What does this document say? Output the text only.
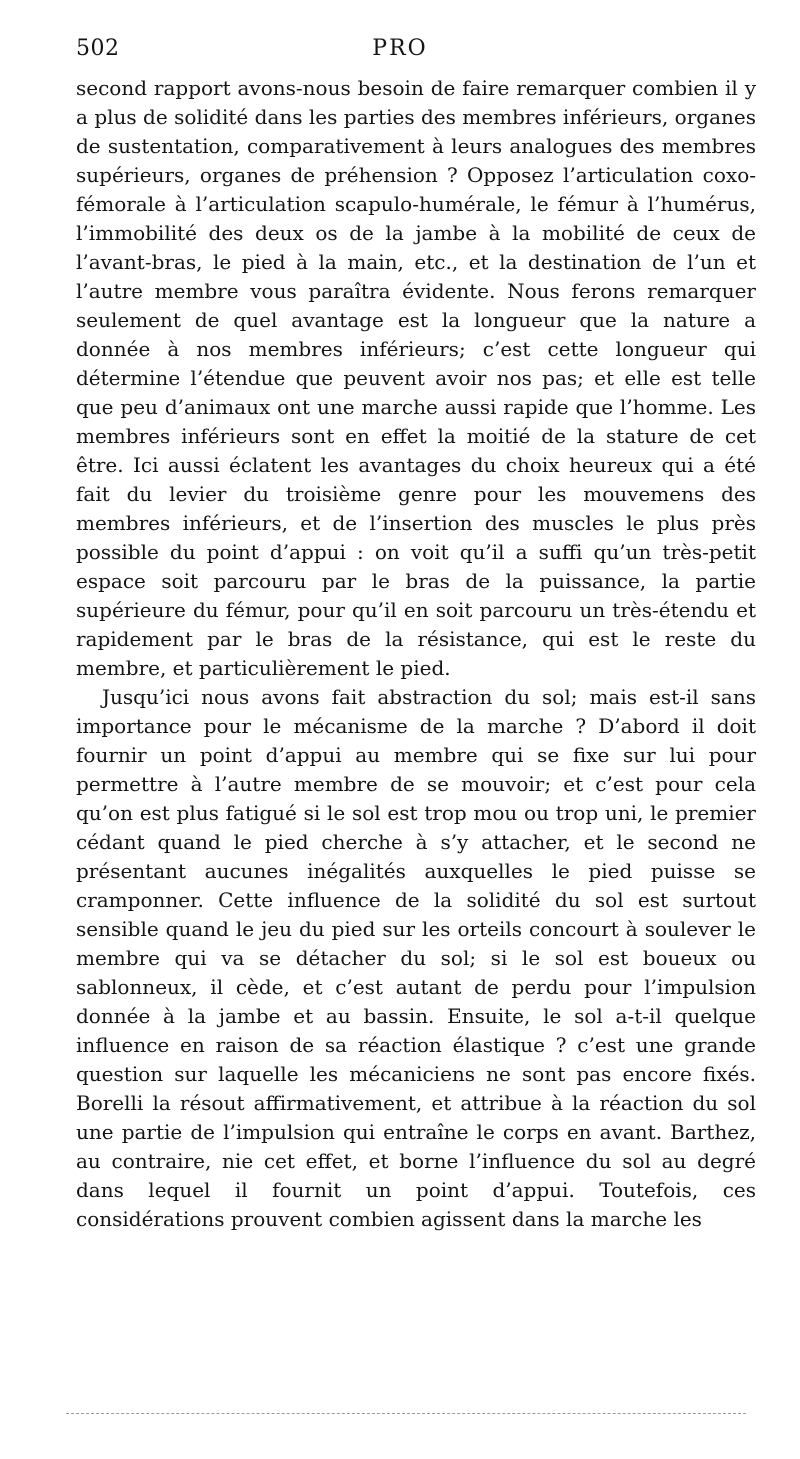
502	PRO

second rapport avons-nous besoin de faire remarquer combien il y a plus de solidité dans les parties des membres inférieurs, organes de sustentation, comparativement à leurs analogues des membres supérieurs, organes de préhension ? Opposez l’articulation coxo-fémorale à l’articulation scapulo-humérale, le fémur à l’humérus, l’immobilité des deux os de la jambe à la mobilité de ceux de l’avant-bras, le pied à la main, etc., et la destination de l’un et l’autre membre vous paraîtra évidente. Nous ferons remarquer seulement de quel avantage est la longueur que la nature a donnée à nos membres inférieurs; c’est cette longueur qui détermine l’étendue que peuvent avoir nos pas; et elle est telle que peu d’animaux ont une marche aussi rapide que l’homme. Les membres inférieurs sont en effet la moitié de la stature de cet être. Ici aussi éclatent les avantages du choix heureux qui a été fait du levier du troisième genre pour les mouvemens des membres inférieurs, et de l’insertion des muscles le plus près possible du point d’appui : on voit qu’il a suffi qu’un très-petit espace soit parcouru par le bras de la puissance, la partie supérieure du fémur, pour qu’il en soit parcouru un très-étendu et rapidement par le bras de la résistance, qui est le reste du membre, et particulièrement le pied.

Jusqu’ici nous avons fait abstraction du sol; mais est-il sans importance pour le mécanisme de la marche ? D’abord il doit fournir un point d’appui au membre qui se fixe sur lui pour permettre à l’autre membre de se mouvoir; et c’est pour cela qu’on est plus fatigué si le sol est trop mou ou trop uni, le premier cédant quand le pied cherche à s’y attacher, et le second ne présentant aucunes inégalités auxquelles le pied puisse se cramponner. Cette influence de la solidité du sol est surtout sensible quand le jeu du pied sur les orteils concourt à soulever le membre qui va se détacher du sol; si le sol est boueux ou sablonneux, il cède, et c’est autant de perdu pour l’impulsion donnée à la jambe et au bassin. Ensuite, le sol a-t-il quelque influence en raison de sa réaction élastique ? c’est une grande question sur laquelle les mécaniciens ne sont pas encore fixés. Borelli la résout affirmativement, et attribue à la réaction du sol une partie de l’impulsion qui entraîne le corps en avant. Barthez, au contraire, nie cet effet, et borne l’influence du sol au degré dans lequel il fournit un point d’appui. Toutefois, ces considérations prouvent combien agissent dans la marche les
